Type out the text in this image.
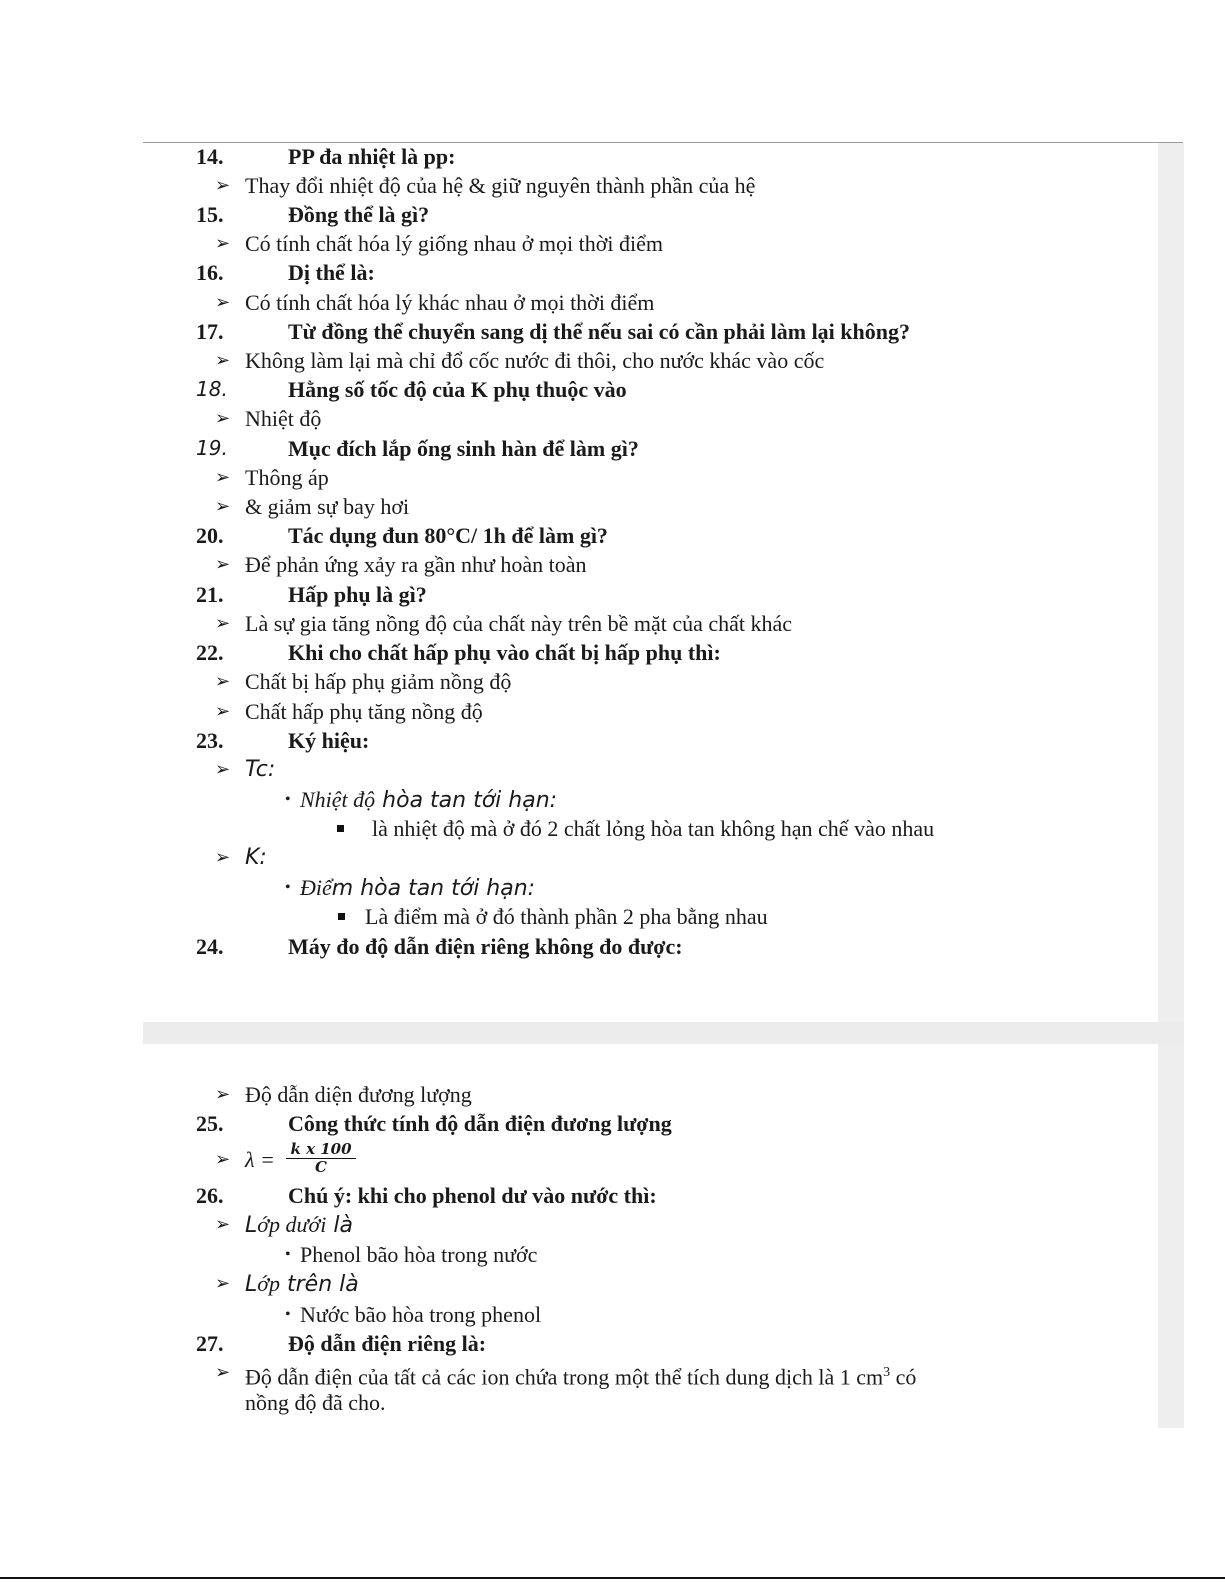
14.	PP đa nhiệt là pp:
➢ Thay đổi nhiệt độ của hệ & giữ nguyên thành phần của hệ
15.	Đồng thể là gì?
➢ Có tính chất hóa lý giống nhau ở mọi thời điểm
16.	Dị thể là:
➢ Có tính chất hóa lý khác nhau ở mọi thời điểm
17.	Từ đồng thể chuyển sang dị thể nếu sai có cần phải làm lại không?
➢ Không làm lại mà chỉ đổ cốc nước đi thôi, cho nước khác vào cốc
18.	Hằng số tốc độ của K phụ thuộc vào
➢ Nhiệt độ
19.	Mục đích lắp ống sinh hàn để làm gì?
➢ Thông áp
➢ & giảm sự bay hơi
20.	Tác dụng đun 80°C/ 1h để làm gì?
➢ Để phản ứng xảy ra gần như hoàn toàn
21.	Hấp phụ là gì?
➢ Là sự gia tăng nồng độ của chất này trên bề mặt của chất khác
22.	Khi cho chất hấp phụ vào chất bị hấp phụ thì:
➢ Chất bị hấp phụ giảm nồng độ
➢ Chất hấp phụ tăng nồng độ
23.	Ký hiệu:
➢ Tc:
• Nhiệt độ hòa tan tới hạn:
là nhiệt độ mà ở đó 2 chất lỏng hòa tan không hạn chế vào nhau
➢ K:
• Điểm hòa tan tới hạn:
Là điểm mà ở đó thành phần 2 pha bằng nhau
24.	Máy đo độ dẫn điện riêng không đo được:
➢ Độ dẫn diện đương lượng
25.	Công thức tính độ dẫn điện đương lượng
➢ $\lambda = \frac{\text{k x 100}}{C}$
26.	Chú ý: khi cho phenol dư vào nước thì:
➢ Lớp dưới là
• Phenol bão hòa trong nước
➢ Lớp trên là
• Nước bão hòa trong phenol
27.	Độ dẫn điện riêng là:
➢ Độ dẫn điện của tất cả các ion chứa trong một thể tích dung dịch là 1 $cm^3$ có
nồng độ đã cho.
